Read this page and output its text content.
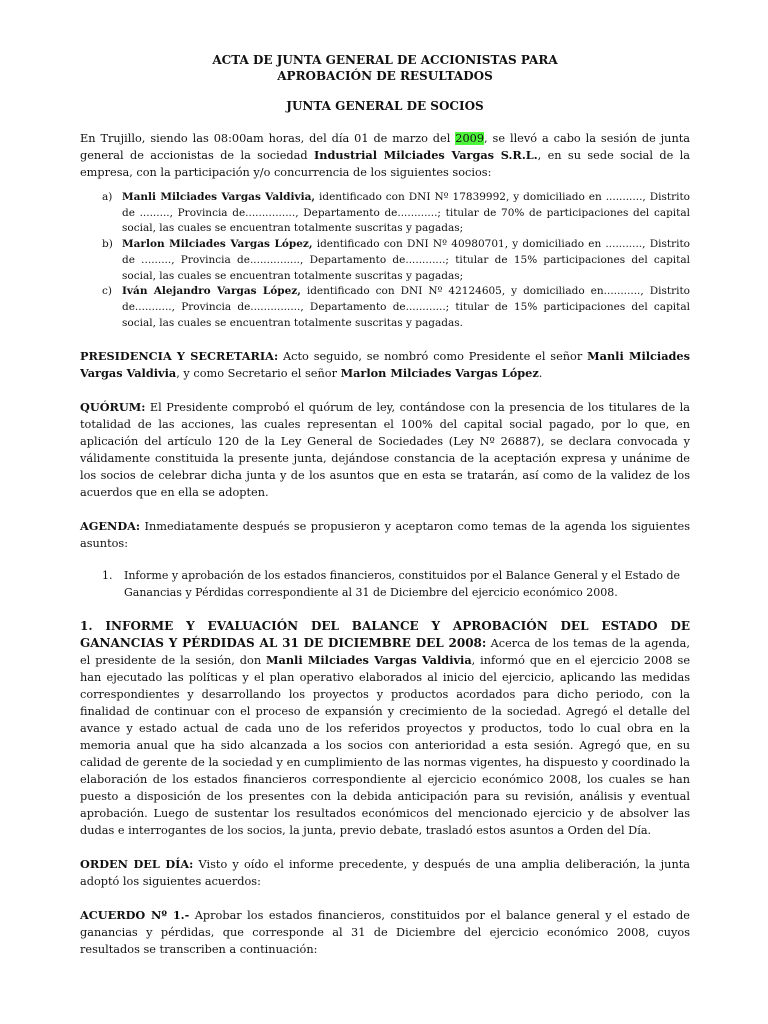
ACTA DE JUNTA GENERAL DE ACCIONISTAS PARA

APROBACIÓN DE RESULTADOS

JUNTA GENERAL DE SOCIOS

En Trujillo, siendo las 08:00am horas, del día 01 de marzo del 2009, se llevó a cabo la sesión de junta general de accionistas de la sociedad Industrial Milciades Vargas S.R.L., en su sede social de la empresa, con la participación y/o concurrencia de los siguientes socios:

a) Manli Milciades Vargas Valdivia, identificado con DNI Nº 17839992, y domiciliado en ..........., Distrito de ........., Provincia de..............., Departamento de............; titular de 70% de participaciones del capital social, las cuales se encuentran totalmente suscritas y pagadas;
b) Marlon Milciades Vargas López, identificado con DNI Nº 40980701, y domiciliado en ..........., Distrito de ........., Provincia de..............., Departamento de............; titular de 15% participaciones del capital social, las cuales se encuentran totalmente suscritas y pagadas;
c) Iván Alejandro Vargas López, identificado con DNI Nº 42124605, y domiciliado en..........., Distrito de..........., Provincia de..............., Departamento de............; titular de 15% participaciones del capital social, las cuales se encuentran totalmente suscritas y pagadas.

PRESIDENCIA Y SECRETARIA: Acto seguido, se nombró como Presidente el señor Manli Milciades Vargas Valdivia, y como Secretario el señor Marlon Milciades Vargas López.

QUÓRUM: El Presidente comprobó el quórum de ley, contándose con la presencia de los titulares de la totalidad de las acciones, las cuales representan el 100% del capital social pagado, por lo que, en aplicación del artículo 120 de la Ley General de Sociedades (Ley Nº 26887), se declara convocada y válidamente constituida la presente junta, dejándose constancia de la aceptación expresa y unánime de los socios de celebrar dicha junta y de los asuntos que en esta se tratarán, así como de la validez de los acuerdos que en ella se adopten.

AGENDA: Inmediatamente después se propusieron y aceptaron como temas de la agenda los siguientes asuntos:

1.	Informe y aprobación de los estados financieros, constituidos por el Balance General y el Estado de Ganancias y Pérdidas correspondiente al 31 de Diciembre del ejercicio económico 2008.

1. INFORME Y EVALUACIÓN DEL BALANCE Y APROBACIÓN DEL ESTADO DE GANANCIAS Y PÉRDIDAS AL 31 DE DICIEMBRE DEL 2008: Acerca de los temas de la agenda, el presidente de la sesión, don Manli Milciades Vargas Valdivia, informó que en el ejercicio 2008 se han ejecutado las políticas y el plan operativo elaborados al inicio del ejercicio, aplicando las medidas correspondientes y desarrollando los proyectos y productos acordados para dicho periodo, con la finalidad de continuar con el proceso de expansión y crecimiento de la sociedad. Agregó el detalle del avance y estado actual de cada uno de los referidos proyectos y productos, todo lo cual obra en la memoria anual que ha sido alcanzada a los socios con anterioridad a esta sesión. Agregó que, en su calidad de gerente de la sociedad y en cumplimiento de las normas vigentes, ha dispuesto y coordinado la elaboración de los estados financieros correspondiente al ejercicio económico 2008, los cuales se han puesto a disposición de los presentes con la debida anticipación para su revisión, análisis y eventual aprobación. Luego de sustentar los resultados económicos del mencionado ejercicio y de absolver las dudas e interrogantes de los socios, la junta, previo debate, trasladó estos asuntos a Orden del Día.

ORDEN DEL DÍA: Visto y oído el informe precedente, y después de una amplia deliberación, la junta adoptó los siguientes acuerdos:

ACUERDO Nº 1.- Aprobar los estados financieros, constituidos por el balance general y el estado de ganancias y pérdidas, que corresponde al 31 de Diciembre del ejercicio económico 2008, cuyos resultados se transcriben a continuación:
